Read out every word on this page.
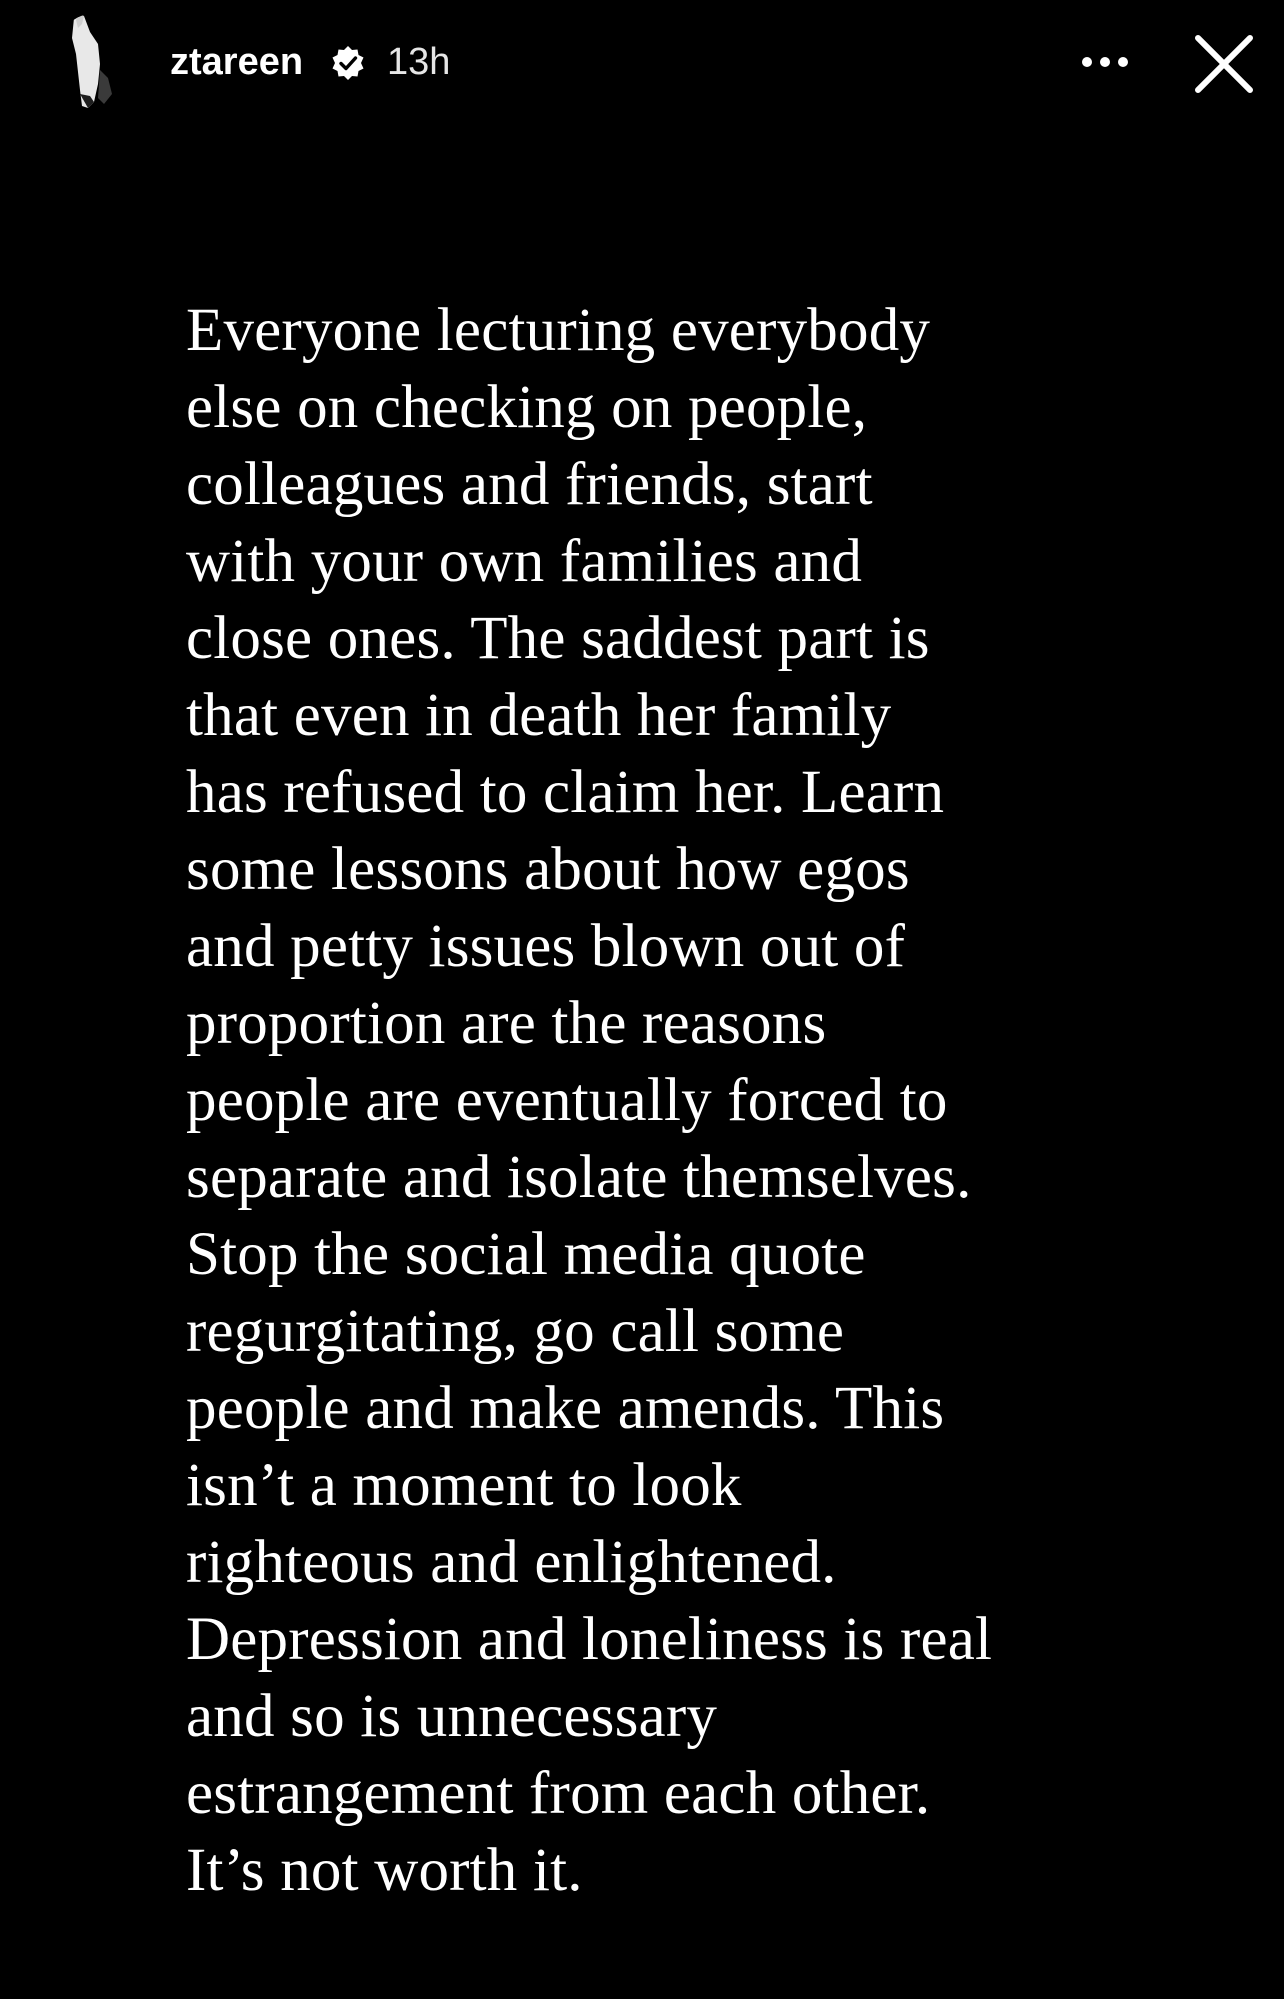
ztareen 13h

Everyone lecturing everybody
else on checking on people,
colleagues and friends, start
with your own families and
close ones. The saddest part is
that even in death her family
has refused to claim her. Learn
some lessons about how egos
and petty issues blown out of
proportion are the reasons
people are eventually forced to
separate and isolate themselves.
Stop the social media quote
regurgitating, go call some
people and make amends. This
isn’t a moment to look
righteous and enlightened.
Depression and loneliness is real
and so is unnecessary
estrangement from each other.
It’s not worth it.
